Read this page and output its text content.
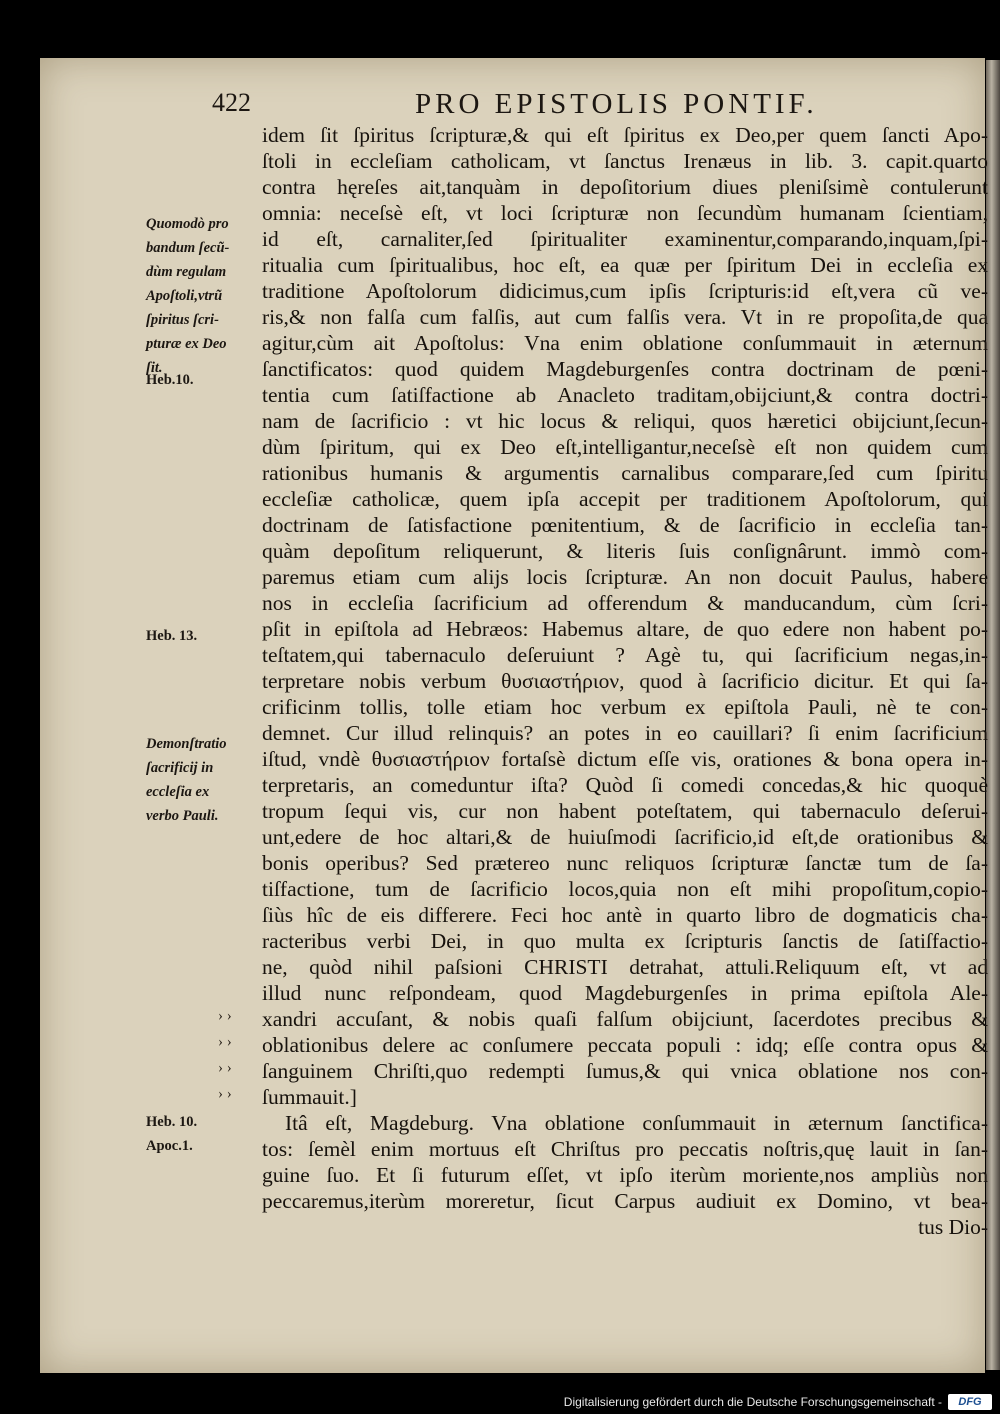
422	PRO EPISTOLIS PONTIF.
idem ſit ſpiritus ſcripturæ,& qui eſt ſpiritus ex Deo,per quem ſancti Apo-
ſtoli in eccleſiam catholicam, vt ſanctus Irenæus in lib. 3. capit.quarto
contra hęreſes ait,tanquàm in depoſitorium diues pleniſsimè contulerunt
omnia: neceſsè eſt, vt loci ſcripturæ non ſecundùm humanam ſcientiam,
id eſt, carnaliter,ſed ſpiritualiter examinentur,comparando,inquam,ſpi-
ritualia cum ſpiritualibus, hoc eſt, ea quæ per ſpiritum Dei in eccleſia ex
traditione Apoſtolorum didicimus,cum ipſis ſcripturis:id eſt,vera cũ ve-
ris,& non falſa cum falſis, aut cum falſis vera. Vt in re propoſita,de qua
agitur,cùm ait Apoſtolus: Vna enim oblatione conſummauit in æternum
ſanctificatos: quod quidem Magdeburgenſes contra doctrinam de pœni-
tentia cum ſatiſfactione ab Anacleto traditam,obijciunt,& contra doctri-
nam de ſacrificio : vt hic locus & reliqui, quos hæretici obijciunt,ſecun-
dùm ſpiritum, qui ex Deo eſt,intelligantur,neceſsè eſt non quidem cum
rationibus humanis & argumentis carnalibus comparare,ſed cum ſpiritu
eccleſiæ catholicæ, quem ipſa accepit per traditionem Apoſtolorum, qui
doctrinam de ſatisfactione pœnitentium, & de ſacrificio in eccleſia tan-
quàm depoſitum reliquerunt, & literis ſuis conſignârunt. immò com-
paremus etiam cum alijs locis ſcripturæ. An non docuit Paulus, habere
nos in eccleſia ſacrificium ad offerendum & manducandum, cùm ſcri-
pſit in epiſtola ad Hebræos: Habemus altare, de quo edere non habent po-
teſtatem,qui tabernaculo deſeruiunt ? Agè tu, qui ſacrificium negas,in-
terpretare nobis verbum θυσιαστήριον, quod à ſacrificio dicitur. Et qui ſa-
crificinm tollis, tolle etiam hoc verbum ex epiſtola Pauli, nè te con-
demnet. Cur illud relinquis? an potes in eo cauillari? ſi enim ſacrificium
iſtud, vndè θυσιαστήριον fortaſsè dictum eſſe vis, orationes & bona opera in-
terpretaris, an comeduntur iſta? Quòd ſi comedi concedas,& hic quoquè
tropum ſequi vis, cur non habent poteſtatem, qui tabernaculo deſerui-
unt,edere de hoc altari,& de huiuſmodi ſacrificio,id eſt,de orationibus &
bonis operibus? Sed prætereo nunc reliquos ſcripturæ ſanctæ tum de ſa-
tiſfactione, tum de ſacrificio locos,quia non eſt mihi propoſitum,copio-
ſiùs hîc de eis differere. Feci hoc antè in quarto libro de dogmaticis cha-
racteribus verbi Dei, in quo multa ex ſcripturis ſanctis de ſatiſfactio-
ne, quòd nihil paſsioni CHRISTI detrahat, attuli.Reliquum eſt, vt ad
illud nunc reſpondeam, quod Magdeburgenſes in prima epiſtola Ale-
xandri accuſant, & nobis quaſi falſum obijciunt, ſacerdotes precibus &
oblationibus delere ac conſumere peccata populi : idq; eſſe contra opus &
ſanguinem Chriſti,quo redempti ſumus,& qui vnica oblatione nos con-
ſummauit.]
Itâ eſt, Magdeburg. Vna oblatione conſummauit in æternum ſanctifica-
tos: ſemèl enim mortuus eſt Chriſtus pro peccatis noſtris,quę lauit in ſan-
guine ſuo. Et ſi futurum eſſet, vt ipſo iterùm moriente,nos ampliùs non
peccaremus,iterùm moreretur, ſicut Carpus audiuit ex Domino, vt bea-
tus Dio-
› ›
› ›
› ›
› ›
Quomodò pro
bandum ſecũ-
dùm regulam
Apoſtoli,vtrũ
ſpiritus ſcri-
pturæ ex Deo
ſit.
Heb.10.
Heb. 13.
Demonſtratio
ſacrificij in
eccleſia ex
verbo Pauli.
Heb. 10.
Apoc.1.
Digitalisierung gefördert durch die Deutsche Forschungsgemeinschaft -	DFG
